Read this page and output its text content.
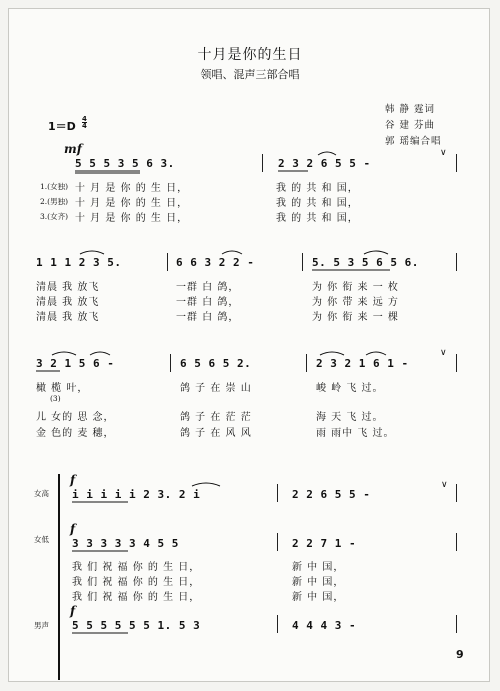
十月是你的生日
领唱、混声三部合唱
韩 静 霆词
谷 建 芬曲
郭 瑶编合唱
1＝D
4
4
mf
5 5 5 3 5 6 3.	2 3 2 6 5 5 -
∨
1.(女独) 十 月 是 你 的 生 日，	我 的 共 和 国，
2.(男独) 十 月 是 你 的 生 日，	我 的 共 和 国，
3.(女齐) 十 月 是 你 的 生 日，	我 的 共 和 国，
1 1 1 2 3 5.	6 6 3 2 2 -	5. 5 3 5 6 5 6.
清晨 我 放飞	一群 白 鸽，	为 你 衔 来 一 枚
清晨 我 放飞	一群 白 鸽，	为 你 带 来 远 方
清晨 我 放飞	一群 白 鸽，	为 你 衔 来 一 棵
3 2 1 5 6 -	6 5 6 5 2.	2 3 2 1 6 1 -
∨
橄 榄 叶，	鸽 子 在 崇 山	峻 岭 飞 过。
(3)
儿 女的 思 念，	鸽 子 在 茫 茫	海 天 飞 过。
金 色的 麦 穗，	鸽 子 在 风 风	雨 雨中 飞 过。
女高
f
i i i i i 2 3. 2 i	2 2 6 5 5 -
∨
女低
f
3 3 3 3 3 4 5 5	2 2 7 1 -
我 们 祝 福 你 的 生 日，	新 中 国，
我 们 祝 福 你 的 生 日，	新 中 国，
我 们 祝 福 你 的 生 日，	新 中 国，
男声
f
5 5 5 5 5 5 1. 5 3	4 4 4 3 -
9
